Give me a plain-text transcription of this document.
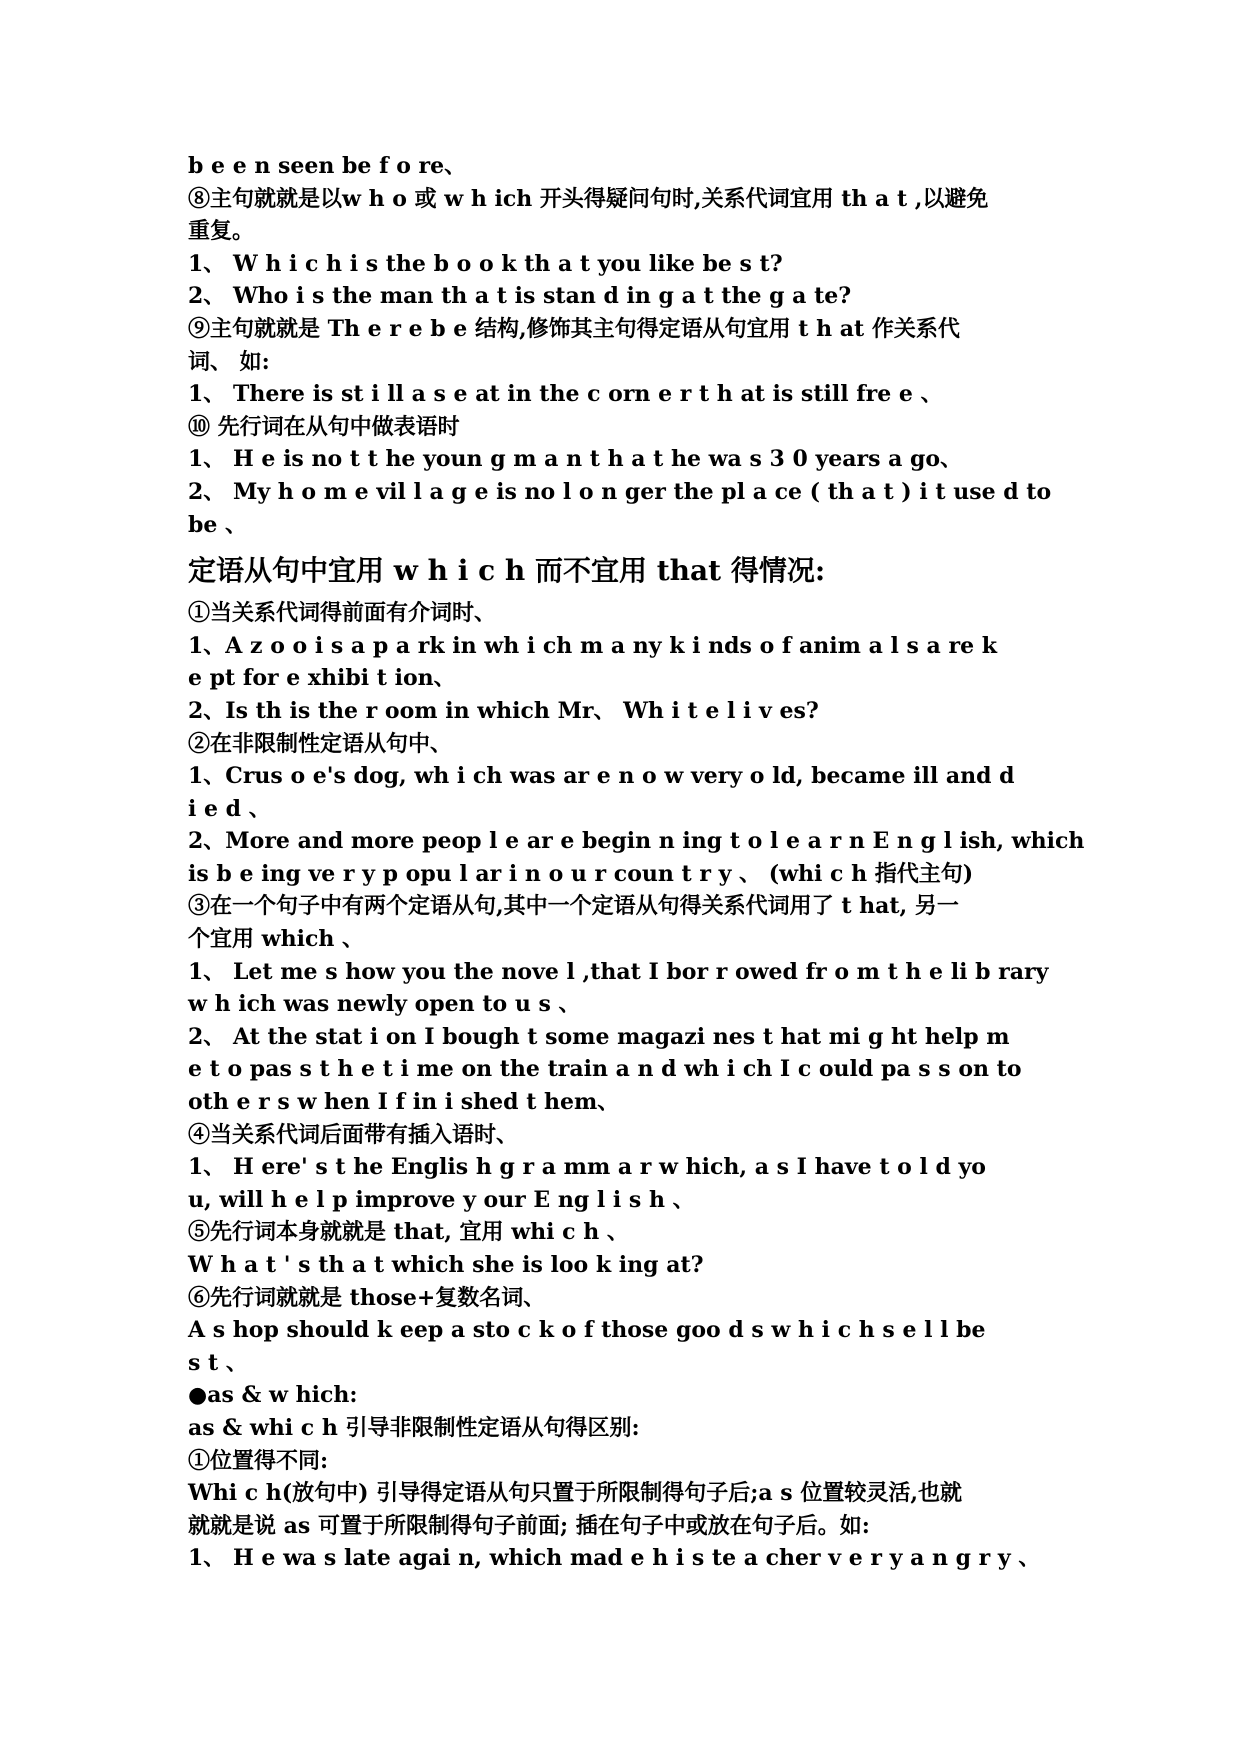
b e e n seen be f o re、

⑧主句就就是以w h o 或 w h ich 开头得疑问句时,关系代词宜用 th a t ,以避免

重复。

1、 W h i c h i s the b o o k th a t you like be s t?

2、 Who i s the man th a t is stan d in g a t the g a te?

⑨主句就就是 Th e r e b e 结构,修饰其主句得定语从句宜用 t h at 作关系代

词、 如:

1、 There is st i ll a s e at in the c orn e r t h at is still fre e 、

⑩ 先行词在从句中做表语时

1、 H e is no t t he youn g m a n t h a t he wa s 3 0 years a go、

2、 My h o m e vil l a g e is no l o n ger the pl a ce ( th a t ) i t use d to

be 、

定语从句中宜用 w h i c h 而不宜用 that 得情况:

①当关系代词得前面有介词时、

1、A z o o i s a p a rk in wh i ch m a ny k i nds o f anim a l s a re k

e pt for e xhibi t ion、

2、Is th is the r oom in which Mr、 Wh i t e l i v es?

②在非限制性定语从句中、

1、Crus o e's dog, wh i ch was ar e n o w very o ld, became ill and d

i e d 、

2、More and more peop l e ar e begin n ing t o l e a r n E n g l ish, which

is b e ing ve r y p opu l ar i n o u r coun t r y 、 (whi c h 指代主句)

③在一个句子中有两个定语从句,其中一个定语从句得关系代词用了 t hat, 另一

个宜用 which 、

1、 Let me s how you the nove l ,that I bor r owed fr o m t h e li b rary

w h ich was newly open to u s 、

2、 At the stat i on I bough t some magazi nes t hat mi g ht help m

e t o pas s t h e t i me on the train a n d wh i ch I c ould pa s s on to

oth e r s w hen I f in i shed t hem、

④当关系代词后面带有插入语时、

1、 H ere' s t he Englis h g r a mm a r w hich, a s I have t o l d yo

u, will h e l p improve y our E ng l i s h 、

⑤先行词本身就就是 that, 宜用 whi c h 、

W h a t ' s th a t which she is loo k ing at?

⑥先行词就就是 those+复数名词、

A s hop should k eep a sto c k o f those goo d s w h i c h s e l l be

s t 、

●as & w hich:

as & whi c h 引导非限制性定语从句得区别:

①位置得不同:

Whi c h(放句中) 引导得定语从句只置于所限制得句子后;a s 位置较灵活,也就

就就是说 as 可置于所限制得句子前面; 插在句子中或放在句子后。如:

1、 H e wa s late agai n, which mad e h i s te a cher v e r y a n g r y 、
